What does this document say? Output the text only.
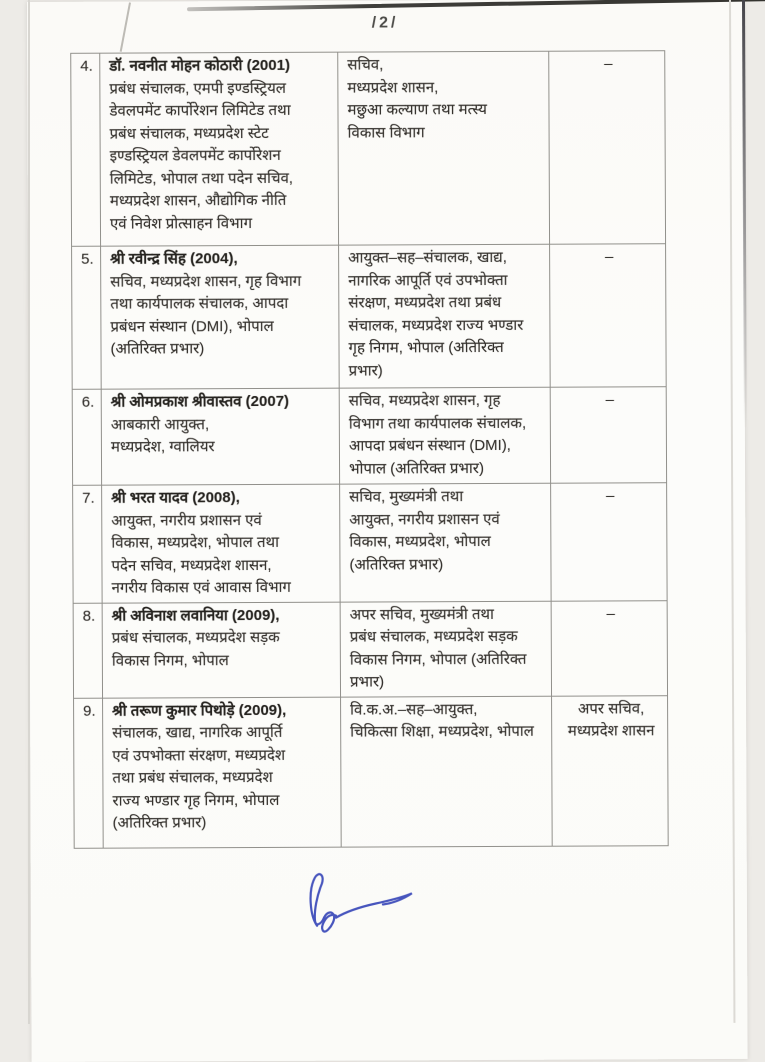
/2/
4.	डॉ. नवनीत मोहन कोठारी (2001)
प्रबंध संचालक, एमपी इण्डस्ट्रियल
डेवलपमेंट कार्पोरेशन लिमिटेड तथा
प्रबंध संचालक, मध्यप्रदेश स्टेट
इण्डस्ट्रियल डेवलपमेंट कार्पोरेशन
लिमिटेड, भोपाल तथा पदेन सचिव,
मध्यप्रदेश शासन, औद्योगिक नीति
एवं निवेश प्रोत्साहन विभाग	सचिव,
मध्यप्रदेश शासन,
मछुआ कल्याण तथा मत्स्य
विकास विभाग	–
5.	श्री रवीन्द्र सिंह (2004),
सचिव, मध्यप्रदेश शासन, गृह विभाग
तथा कार्यपालक संचालक, आपदा
प्रबंधन संस्थान (DMI), भोपाल
(अतिरिक्त प्रभार)	आयुक्त–सह–संचालक, खाद्य,
नागरिक आपूर्ति एवं उपभोक्ता
संरक्षण, मध्यप्रदेश तथा प्रबंध
संचालक, मध्यप्रदेश राज्य भण्डार
गृह निगम, भोपाल (अतिरिक्त
प्रभार)	–
6.	श्री ओमप्रकाश श्रीवास्तव (2007)
आबकारी आयुक्त,
मध्यप्रदेश, ग्वालियर	सचिव, मध्यप्रदेश शासन, गृह
विभाग तथा कार्यपालक संचालक,
आपदा प्रबंधन संस्थान (DMI),
भोपाल (अतिरिक्त प्रभार)	–
7.	श्री भरत यादव (2008),
आयुक्त, नगरीय प्रशासन एवं
विकास, मध्यप्रदेश, भोपाल तथा
पदेन सचिव, मध्यप्रदेश शासन,
नगरीय विकास एवं आवास विभाग	सचिव, मुख्यमंत्री तथा
आयुक्त, नगरीय प्रशासन एवं
विकास, मध्यप्रदेश, भोपाल
(अतिरिक्त प्रभार)	–
8.	श्री अविनाश लवानिया (2009),
प्रबंध संचालक, मध्यप्रदेश सड़क
विकास निगम, भोपाल	अपर सचिव, मुख्यमंत्री तथा
प्रबंध संचालक, मध्यप्रदेश सड़क
विकास निगम, भोपाल (अतिरिक्त
प्रभार)	–
9.	श्री तरूण कुमार पिथोड़े (2009),
संचालक, खाद्य, नागरिक आपूर्ति
एवं उपभोक्ता संरक्षण, मध्यप्रदेश
तथा प्रबंध संचालक, मध्यप्रदेश
राज्य भण्डार गृह निगम, भोपाल
(अतिरिक्त प्रभार)	वि.क.अ.–सह–आयुक्त,
चिकित्सा शिक्षा, मध्यप्रदेश, भोपाल	अपर सचिव,
मध्यप्रदेश शासन
